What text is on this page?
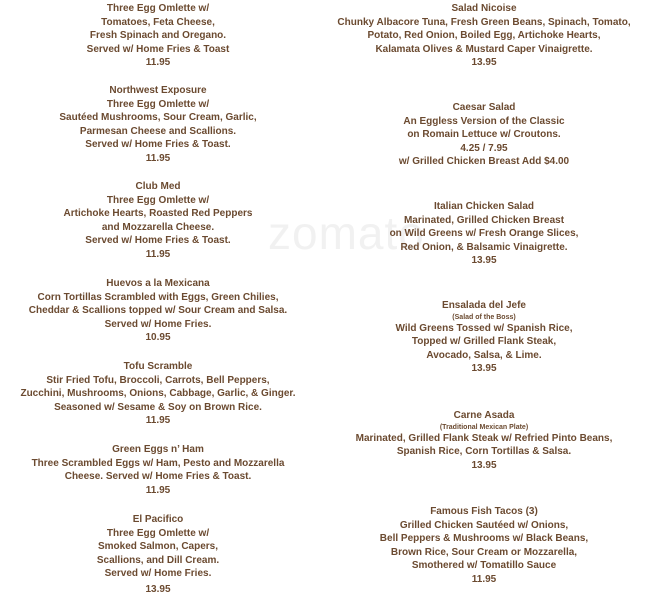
zomato
Three Egg Omlette w/
Tomatoes, Feta Cheese,
Fresh Spinach and Oregano.
Served w/ Home Fries & Toast
11.95
Northwest Exposure
Three Egg Omlette w/
Sautéed Mushrooms, Sour Cream, Garlic,
Parmesan Cheese and Scallions.
Served w/ Home Fries & Toast.
11.95
Club Med
Three Egg Omlette w/
Artichoke Hearts, Roasted Red Peppers
and Mozzarella Cheese.
Served w/ Home Fries & Toast.
11.95
Huevos a la Mexicana
Corn Tortillas Scrambled with Eggs, Green Chilies,
Cheddar & Scallions topped w/ Sour Cream and Salsa.
Served w/ Home Fries.
10.95
Tofu Scramble
Stir Fried Tofu, Broccoli, Carrots, Bell Peppers,
Zucchini, Mushrooms, Onions, Cabbage, Garlic, & Ginger.
Seasoned w/ Sesame & Soy on Brown Rice.
11.95
Green Eggs n’ Ham
Three Scrambled Eggs w/ Ham, Pesto and Mozzarella
Cheese. Served w/ Home Fries & Toast.
11.95
El Pacifico
Three Egg Omlette w/
Smoked Salmon, Capers,
Scallions, and Dill Cream.
Served w/ Home Fries.
13.95
Salad Nicoise
Chunky Albacore Tuna, Fresh Green Beans, Spinach, Tomato,
Potato, Red Onion, Boiled Egg, Artichoke Hearts,
Kalamata Olives & Mustard Caper Vinaigrette.
13.95
Caesar Salad
An Eggless Version of the Classic
on Romain Lettuce w/ Croutons.
4.25 / 7.95
w/ Grilled Chicken Breast Add $4.00
Italian Chicken Salad
Marinated, Grilled Chicken Breast
on Wild Greens w/ Fresh Orange Slices,
Red Onion, & Balsamic Vinaigrette.
13.95
Ensalada del Jefe
(Salad of the Boss)
Wild Greens Tossed w/ Spanish Rice,
Topped w/ Grilled Flank Steak,
Avocado, Salsa, & Lime.
13.95
Carne Asada
(Traditional Mexican Plate)
Marinated, Grilled Flank Steak w/ Refried Pinto Beans,
Spanish Rice, Corn Tortillas & Salsa.
13.95
Famous Fish Tacos (3)
Grilled Chicken Sautéed w/ Onions,
Bell Peppers & Mushrooms w/ Black Beans,
Brown Rice, Sour Cream or Mozzarella,
Smothered w/ Tomatillo Sauce
11.95
